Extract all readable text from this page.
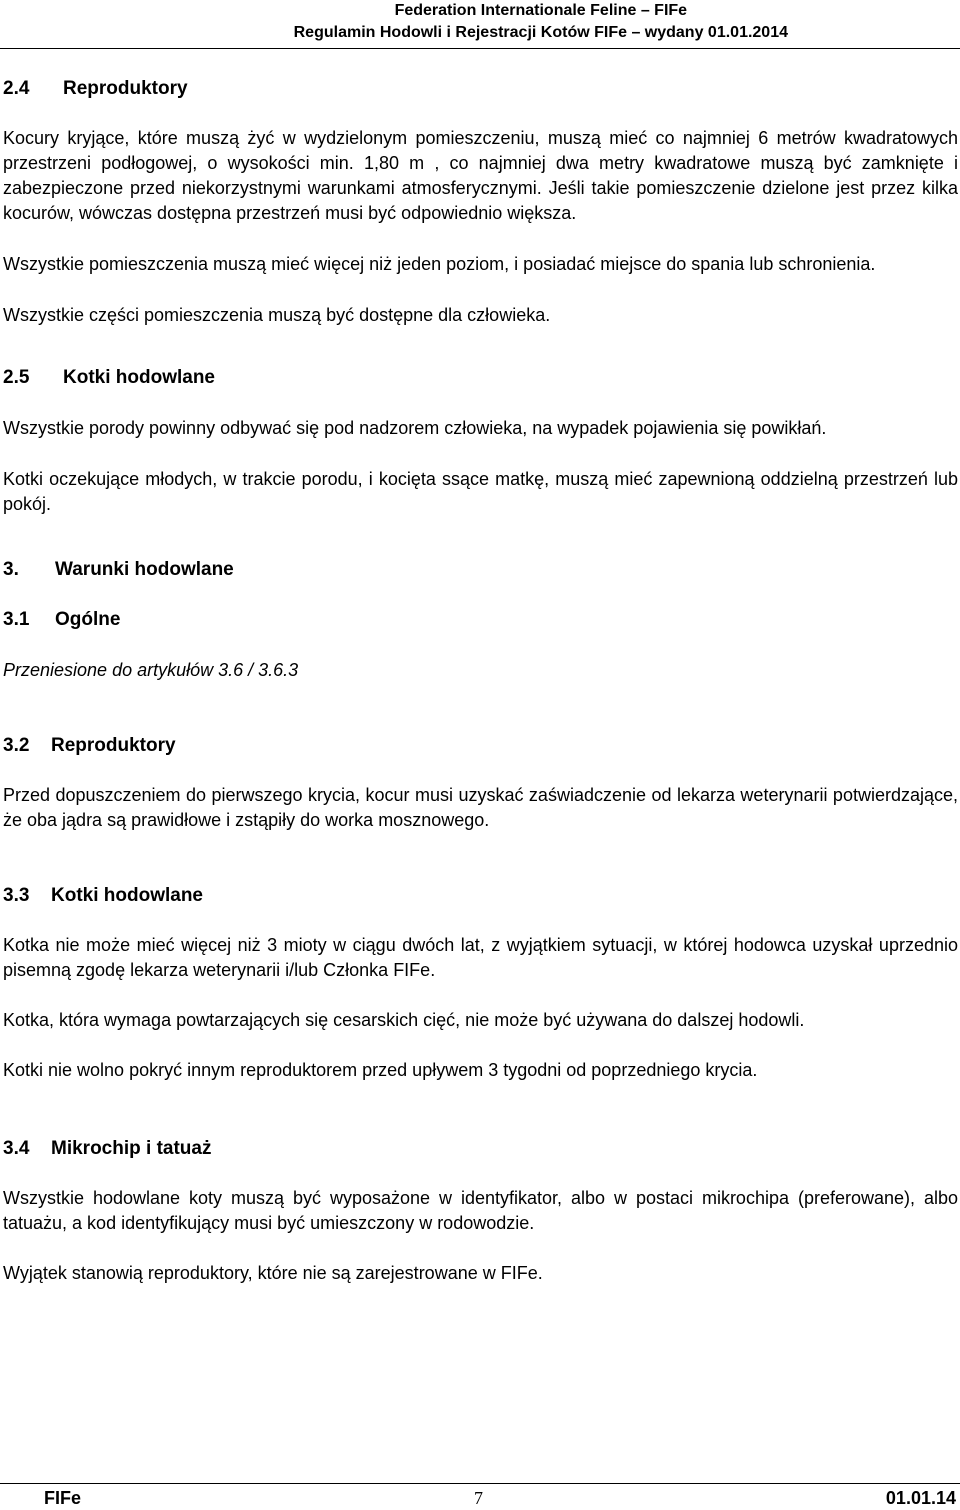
Federation Internationale Feline – FIFe
Regulamin Hodowli i Rejestracji Kotów FIFe – wydany 01.01.2014
2.4 Reproduktory

Kocury kryjące, które muszą żyć w wydzielonym pomieszczeniu, muszą mieć co najmniej 6 metrów kwadratowych przestrzeni podłogowej, o wysokości min. 1,80 m , co najmniej dwa metry kwadratowe muszą być zamknięte i zabezpieczone przed niekorzystnymi warunkami atmosferycznymi. Jeśli takie pomieszczenie dzielone jest przez kilka kocurów, wówczas dostępna przestrzeń musi być odpowiednio większa.

Wszystkie pomieszczenia muszą mieć więcej niż jeden poziom, i posiadać miejsce do spania lub schronienia.

Wszystkie części pomieszczenia muszą być dostępne dla człowieka.

2.5 Kotki hodowlane

Wszystkie porody powinny odbywać się pod nadzorem człowieka, na wypadek pojawienia się powikłań.

Kotki oczekujące młodych, w trakcie porodu, i kocięta ssące matkę, muszą mieć zapewnioną oddzielną przestrzeń lub pokój.

3. Warunki hodowlane
3.1 Ogólne

Przeniesione do artykułów 3.6 / 3.6.3

3.2 Reproduktory

Przed dopuszczeniem do pierwszego krycia, kocur musi uzyskać zaświadczenie od lekarza weterynarii potwierdzające, że oba jądra są prawidłowe i zstąpiły do worka mosznowego.

3.3 Kotki hodowlane

Kotka nie może mieć więcej niż 3 mioty w ciągu dwóch lat, z wyjątkiem sytuacji, w której hodowca uzyskał uprzednio pisemną zgodę lekarza weterynarii i/lub Członka FIFe.

Kotka, która wymaga powtarzających się cesarskich cięć, nie może być używana do dalszej hodowli.

Kotki nie wolno pokryć innym reproduktorem przed upływem 3 tygodni od poprzedniego krycia.

3.4 Mikrochip i tatuaż

Wszystkie hodowlane koty muszą być wyposażone w identyfikator, albo w postaci mikrochipa (preferowane), albo tatuażu, a kod identyfikujący musi być umieszczony w rodowodzie.

Wyjątek stanowią reproduktory, które nie są zarejestrowane w FIFe.

FIFe	7	01.01.14
